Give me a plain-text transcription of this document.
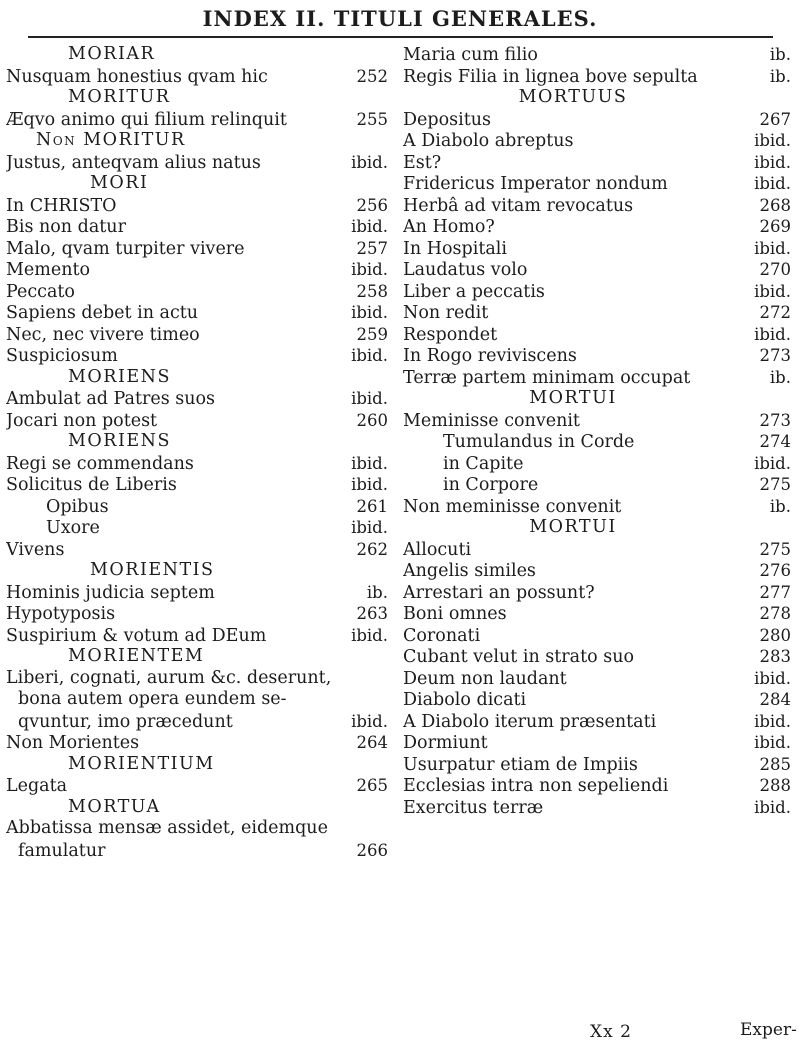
INDEX II. TITULI GENERALES.
MORIAR
Nusquam honestius qvam hic	252
MORITUR
Æqvo animo qui filium relinquit	255
Non MORITUR
Justus, anteqvam alius natus	ibid.
MORI
In CHRISTO	256
Bis non datur	ibid.
Malo, qvam turpiter vivere	257
Memento	ibid.
Peccato	258
Sapiens debet in actu	ibid.
Nec, nec vivere timeo	259
Suspiciosum	ibid.
MORIENS
Ambulat ad Patres suos	ibid.
Jocari non potest	260
MORIENS
Regi se commendans	ibid.
Solicitus de Liberis	ibid.
Opibus	261
Uxore	ibid.
Vivens	262
MORIENTIS
Hominis judicia septem	ib.
Hypotyposis	263
Suspirium & votum ad DEum	ibid.
MORIENTEM
Liberi, cognati, aurum &c. deserunt,
bona autem opera eundem se-
qvuntur, imo præcedunt	ibid.
Non Morientes	264
MORIENTIUM
Legata	265
MORTUA
Abbatissa mensæ assidet, eidemque
famulatur	266
Maria cum filio	ib.
Regis Filia in lignea bove sepulta	ib.
MORTUUS
Depositus	267
A Diabolo abreptus	ibid.
Est?	ibid.
Fridericus Imperator nondum	ibid.
Herbâ ad vitam revocatus	268
An Homo?	269
In Hospitali	ibid.
Laudatus volo	270
Liber a peccatis	ibid.
Non redit	272
Respondet	ibid.
In Rogo reviviscens	273
Terræ partem minimam occupat	ib.
MORTUI
Meminisse convenit	273
Tumulandus in Corde	274
in Capite	ibid.
in Corpore	275
Non meminisse convenit	ib.
MORTUI
Allocuti	275
Angelis similes	276
Arrestari an possunt?	277
Boni omnes	278
Coronati	280
Cubant velut in strato suo	283
Deum non laudant	ibid.
Diabolo dicati	284
A Diabolo iterum præsentati	ibid.
Dormiunt	ibid.
Usurpatur etiam de Impiis	285
Ecclesias intra non sepeliendi	288
Exercitus terræ	ibid.
Xx 2	Exper-
